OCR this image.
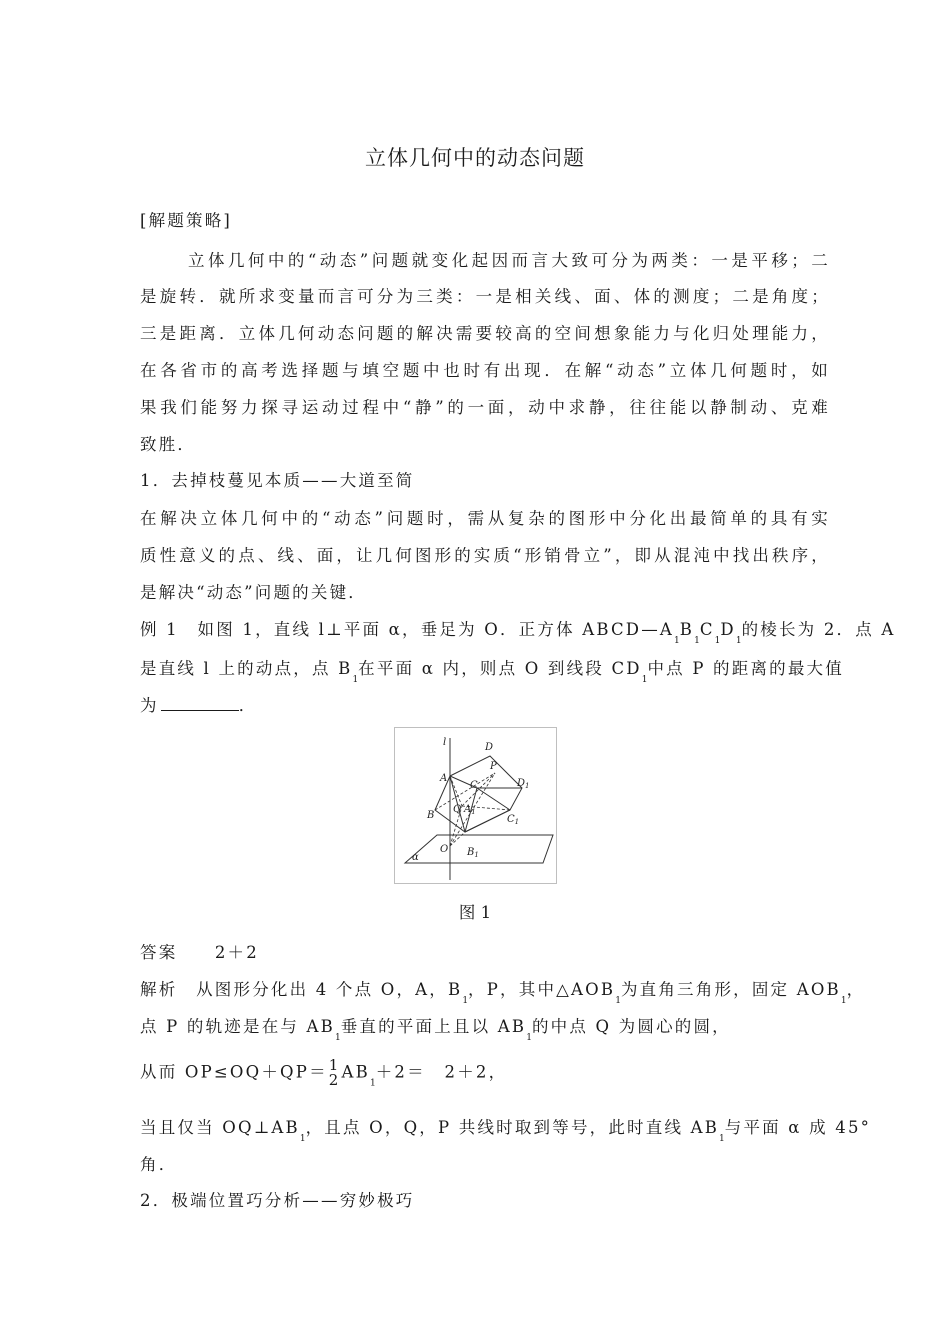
立体几何中的动态问题
[解题策略]
立体几何中的“动态”问题就变化起因而言大致可分为两类：一是平移；二
是旋转．就所求变量而言可分为三类：一是相关线、面、体的测度；二是角度；
三是距离．立体几何动态问题的解决需要较高的空间想象能力与化归处理能力，
在各省市的高考选择题与填空题中也时有出现．在解“动态”立体几何题时，如
果我们能努力探寻运动过程中“静”的一面，动中求静，往往能以静制动、克难
致胜．
1．去掉枝蔓见本质——大道至简
在解决立体几何中的“动态”问题时，需从复杂的图形中分化出最简单的具有实
质性意义的点、线、面，让几何图形的实质“形销骨立”，即从混沌中找出秩序，
是解决“动态”问题的关键．
例 1　如图 1，直线 l⊥平面 α，垂足为 O．正方体 $ABCD—A_1B_1C_1D_1$的棱长为 2．点 A
是直线 l 上的动点，点 $B_1$在平面 α 内，则点 O 到线段 $CD_1$中点 P 的距离的最大值
为	．
l	D
A
C
P
$D_1$
Q $A_1$
B	$C_1$
O $B_1$
α
图 1
答案   2＋2
解析　从图形分化出 4 个点 O，A，$B_1$，P，其中$\triangle AOB_1$为直角三角形，固定 $AOB_1$，
点 P 的轨迹是在与 $AB_1$垂直的平面上且以 $AB_1$的中点 Q 为圆心的圆，
从而 OP≤OQ＋QP＝ 1
2 $AB_1+2=$　2＋2，
当且仅当 $OQ\perp AB_1$，且点 O，Q，P 共线时取到等号，此时直线 $AB_1$与平面 α 成 45°
角．
2．极端位置巧分析——穷妙极巧
